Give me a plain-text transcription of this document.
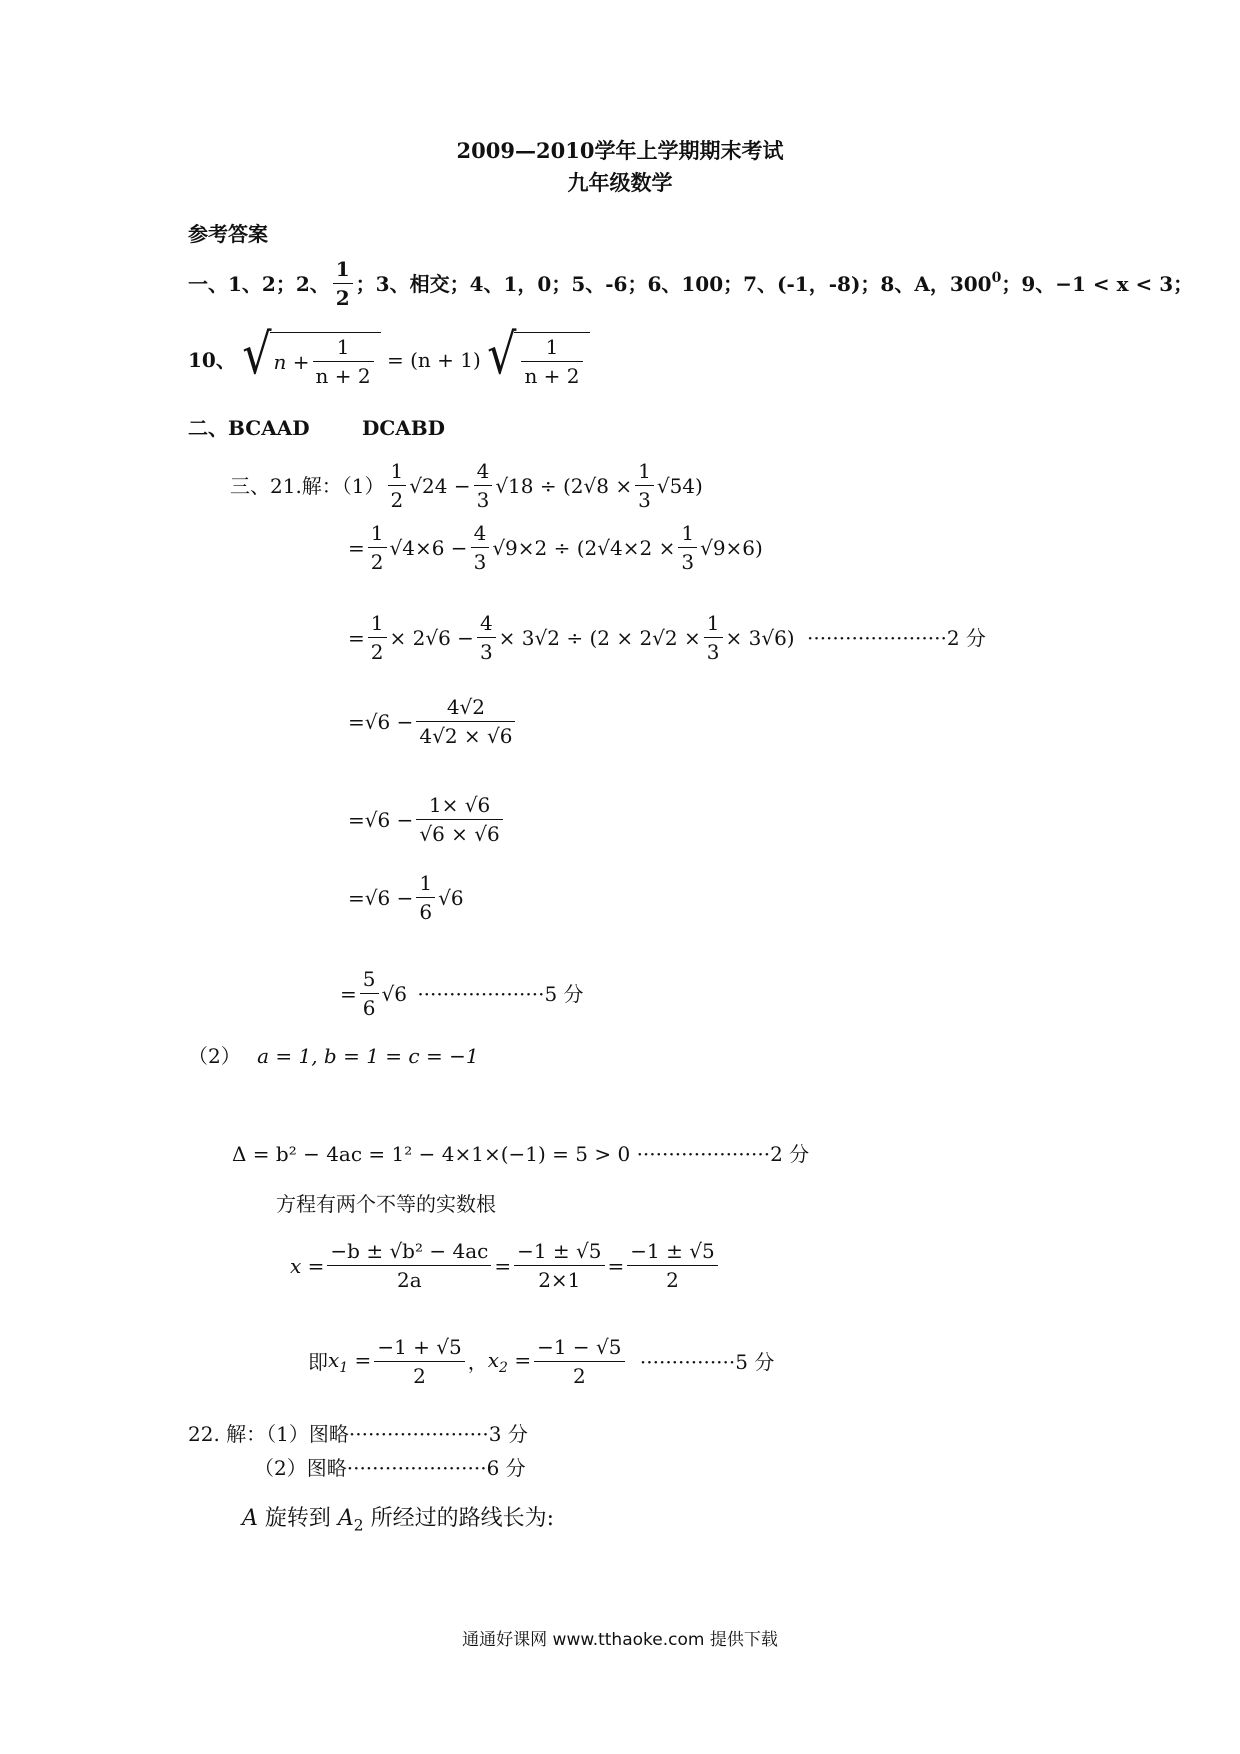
2009—2010学年上学期期末考试
九年级数学
参考答案
一、1、2；2、 $\frac{1}{2}$ ；3、相交；4、1，0；5、-6；6、100；7、(-1，-8)；8、A，$300^0$；9、−1 < x < 3；
10、 √ $n + \frac{1}{n + 2} = (n + 1)$ √ $\frac{1}{n + 2}$
二、BCAAD	DCABD
三、21.解：$(1) \frac{1}{2} √24 - \frac{4}{3} √18 \div (2√8 \times \frac{1}{3} √54)$
= $\frac{1}{2} √4\times 6 - \frac{4}{3} √9\times 2 \div (2√4\times 2 \times \frac{1}{3} √9\times 6)$
= $\frac{1}{2} \times 2√6 - \frac{4}{3} \times 3√2 \div (2 \times 2√2 \times \frac{1}{3} \times 3√6) \cdot\cdot\cdot\cdot\cdot\cdot\cdot\cdot\cdot\cdot\cdot\cdot\cdot\cdot\cdot\cdot\cdot\cdot\cdot\cdot\cdot\cdot 2$ 分
$=√6 - \frac{4√2}{4√2 \times √6}$
$=√6 - \frac{1\times √6}{√6 \times √6}$
$=√6 - \frac{1}{6} √6$
= $\frac{5}{6} √6 \cdot\cdot\cdot\cdot\cdot\cdot\cdot\cdot\cdot\cdot\cdot\cdot\cdot\cdot\cdot\cdot\cdot\cdot\cdot\cdot 5$ 分
（2） a = 1, b = 1 = c = −1
Δ = b² − 4ac = 1² − 4×1×(−1) = 5 > 0 ·····················2 分
方程有两个不等的实数根
$x = \frac{\text{−b ± √b² − 4ac}}{2a} = \frac{-1 \pm √5}{2\times 1} = \frac{-1 \pm √5}{2}$
即$x_1 = \frac{-1 + √5}{2}$ ，$x_2 = \frac{-1 - √5}{2} \cdot\cdot\cdot\cdot\cdot\cdot\cdot\cdot\cdot\cdot\cdot\cdot\cdot\cdot\cdot 5$ 分
22. 解：（1）图略······················3 分
（2）图略······················6 分
A 旋转到 $A_2$ 所经过的路线长为:
通通好课网 www.tthaoke.com 提供下载
